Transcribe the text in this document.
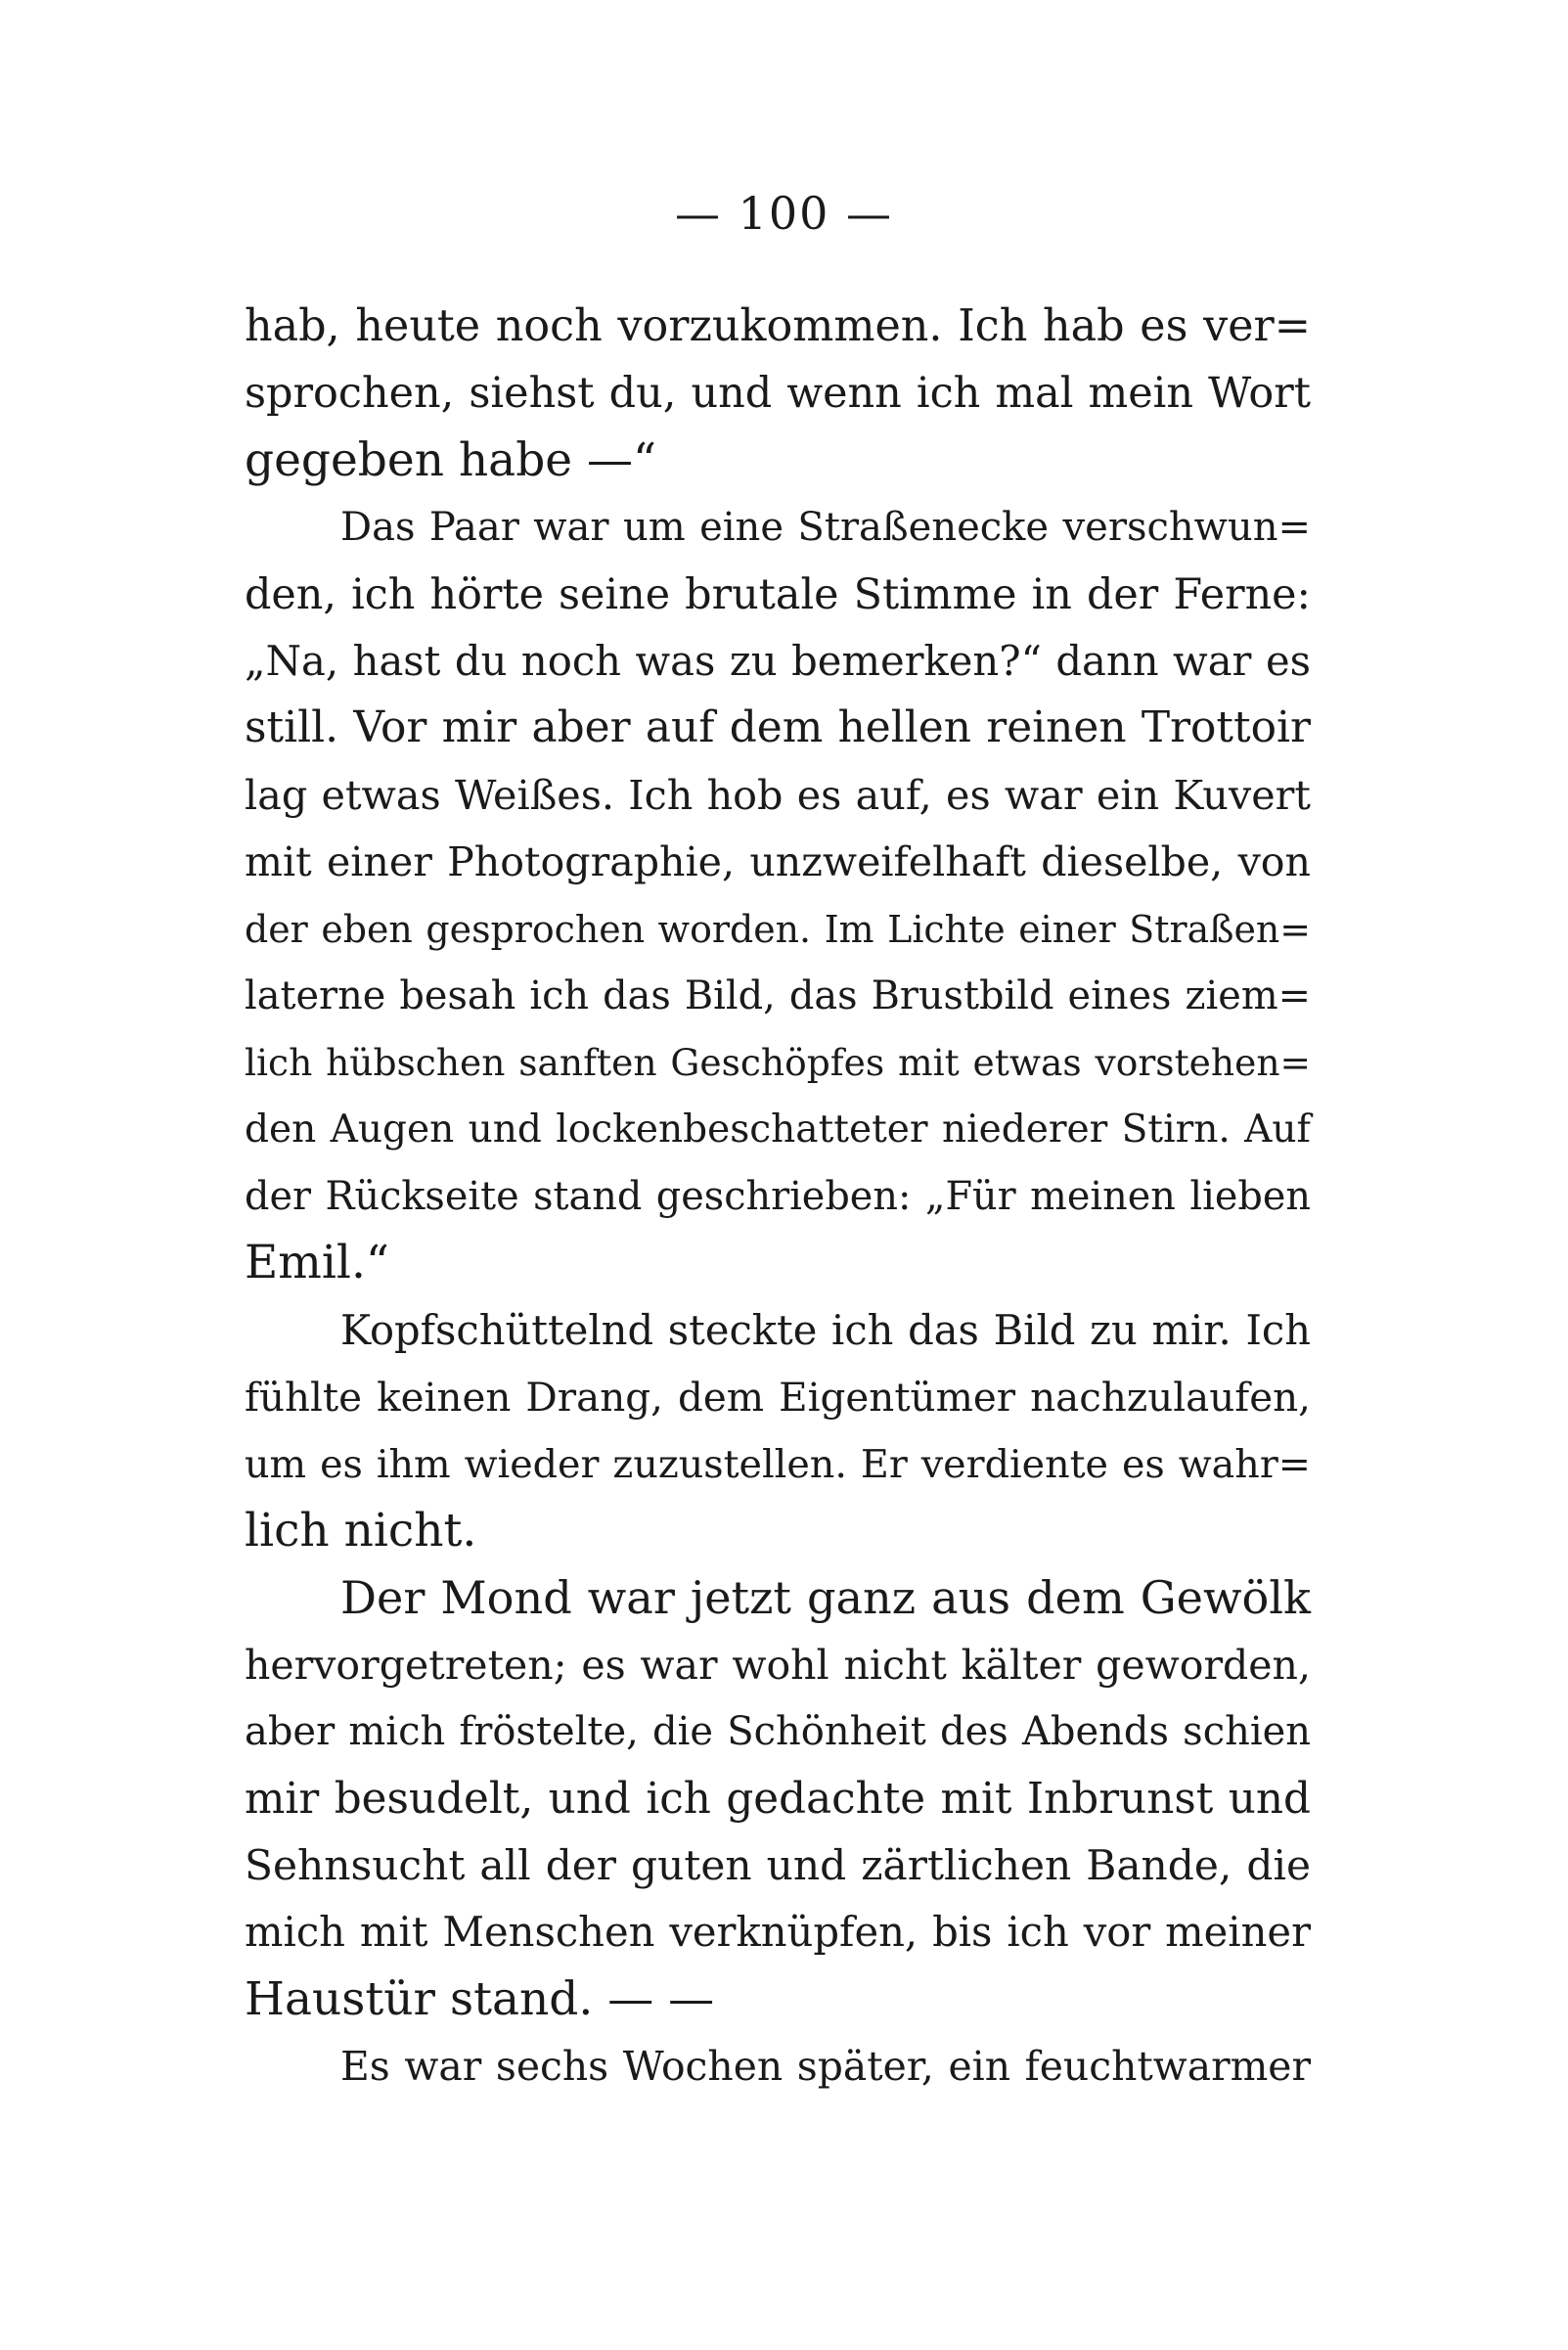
— 100 —
hab, heute noch vorzukommen. Ich hab es ver=
sprochen, siehst du, und wenn ich mal mein Wort
gegeben habe —“
Das Paar war um eine Straßenecke verschwun=
den, ich hörte seine brutale Stimme in der Ferne:
„Na, hast du noch was zu bemerken?“ dann war es
still. Vor mir aber auf dem hellen reinen Trottoir
lag etwas Weißes. Ich hob es auf, es war ein Kuvert
mit einer Photographie, unzweifelhaft dieselbe, von
der eben gesprochen worden. Im Lichte einer Straßen=
laterne besah ich das Bild, das Brustbild eines ziem=
lich hübschen sanften Geschöpfes mit etwas vorstehen=
den Augen und lockenbeschatteter niederer Stirn. Auf
der Rückseite stand geschrieben: „Für meinen lieben
Emil.“
Kopfschüttelnd steckte ich das Bild zu mir. Ich
fühlte keinen Drang, dem Eigentümer nachzulaufen,
um es ihm wieder zuzustellen. Er verdiente es wahr=
lich nicht.
Der Mond war jetzt ganz aus dem Gewölk
hervorgetreten; es war wohl nicht kälter geworden,
aber mich fröstelte, die Schönheit des Abends schien
mir besudelt, und ich gedachte mit Inbrunst und
Sehnsucht all der guten und zärtlichen Bande, die
mich mit Menschen verknüpfen, bis ich vor meiner
Haustür stand. — —
Es war sechs Wochen später, ein feuchtwarmer
